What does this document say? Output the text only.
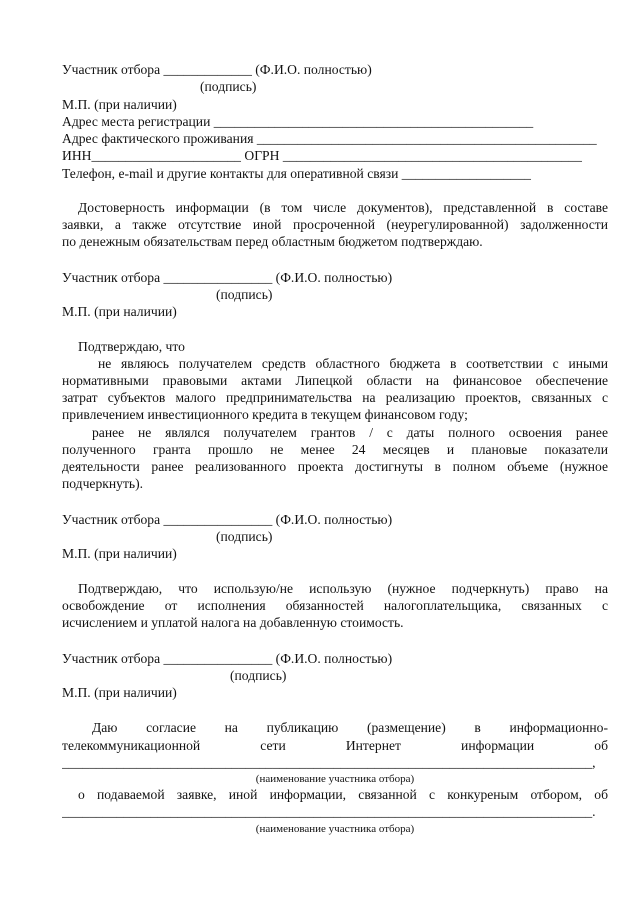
Участник отбора _____________ (Ф.И.О. полностью)
(подпись)
М.П. (при наличии)
Адрес места регистрации _______________________________________________
Адрес фактического проживания __________________________________________________
ИНН______________________ ОГРН ____________________________________________
Телефон, e-mail и другие контакты для оперативной связи ___________________
Достоверность информации (в том числе документов), представленной в составе
заявки, а также отсутствие иной просроченной (неурегулированной) задолженности
по денежным обязательствам перед областным бюджетом подтверждаю.
Участник отбора ________________ (Ф.И.О. полностью)
(подпись)
М.П. (при наличии)
Подтверждаю, что
не являюсь получателем средств областного бюджета в соответствии с иными
нормативными правовыми актами Липецкой области на финансовое обеспечение
затрат субъектов малого предпринимательства на реализацию проектов, связанных с
привлечением инвестиционного кредита в текущем финансовом году;
ранее не являлся получателем грантов / с даты полного освоения ранее
полученного гранта прошло не менее 24 месяцев и плановые показатели
деятельности ранее реализованного проекта достигнуты в полном объеме (нужное
подчеркнуть).
Участник отбора ________________ (Ф.И.О. полностью)
(подпись)
М.П. (при наличии)
Подтверждаю, что использую/не использую (нужное подчеркнуть) право на
освобождение от исполнения обязанностей налогоплательщика, связанных с
исчислением и уплатой налога на добавленную стоимость.
Участник отбора ________________ (Ф.И.О. полностью)
(подпись)
М.П. (при наличии)
Даю согласие на публикацию (размещение) в информационно-
телекоммуникационной сети Интернет информации об
______________________________________________________________________________,
(наименование участника отбора)
о подаваемой заявке, иной информации, связанной с конкуреным отбором, об
______________________________________________________________________________.
(наименование участника отбора)
